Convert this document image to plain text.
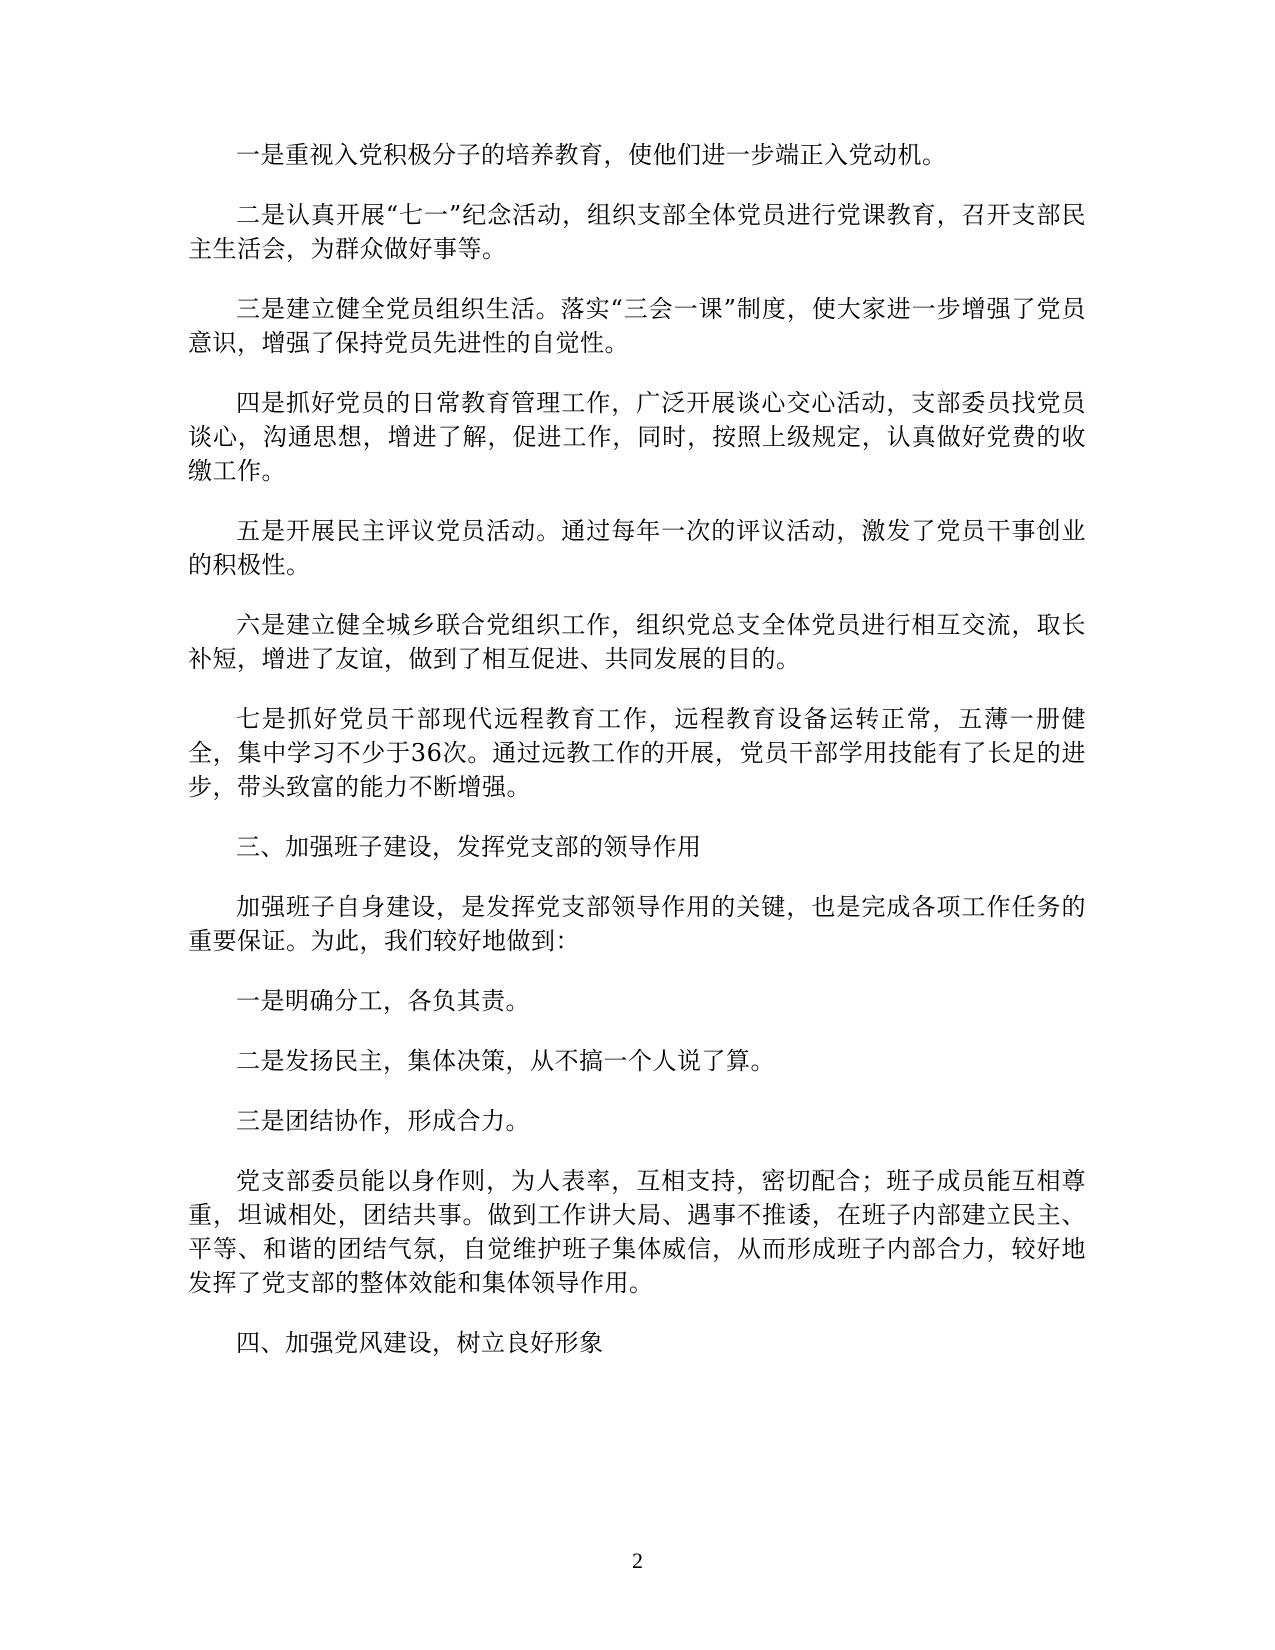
一是重视入党积极分子的培养教育，使他们进一步端正入党动机。

二是认真开展“七一”纪念活动，组织支部全体党员进行党课教育，召开支部民主生活会，为群众做好事等。

三是建立健全党员组织生活。落实“三会一课”制度，使大家进一步增强了党员意识，增强了保持党员先进性的自觉性。

四是抓好党员的日常教育管理工作，广泛开展谈心交心活动，支部委员找党员谈心，沟通思想，增进了解，促进工作，同时，按照上级规定，认真做好党费的收缴工作。

五是开展民主评议党员活动。通过每年一次的评议活动，激发了党员干事创业的积极性。

六是建立健全城乡联合党组织工作，组织党总支全体党员进行相互交流，取长补短，增进了友谊，做到了相互促进、共同发展的目的。

七是抓好党员干部现代远程教育工作，远程教育设备运转正常，五薄一册健全，集中学习不少于36次。通过远教工作的开展，党员干部学用技能有了长足的进步，带头致富的能力不断增强。

三、加强班子建设，发挥党支部的领导作用

加强班子自身建设，是发挥党支部领导作用的关键，也是完成各项工作任务的重要保证。为此，我们较好地做到：

一是明确分工，各负其责。

二是发扬民主，集体决策，从不搞一个人说了算。

三是团结协作，形成合力。

党支部委员能以身作则，为人表率，互相支持，密切配合；班子成员能互相尊重，坦诚相处，团结共事。做到工作讲大局、遇事不推诿，在班子内部建立民主、平等、和谐的团结气氛，自觉维护班子集体威信，从而形成班子内部合力，较好地发挥了党支部的整体效能和集体领导作用。

四、加强党风建设，树立良好形象

2
